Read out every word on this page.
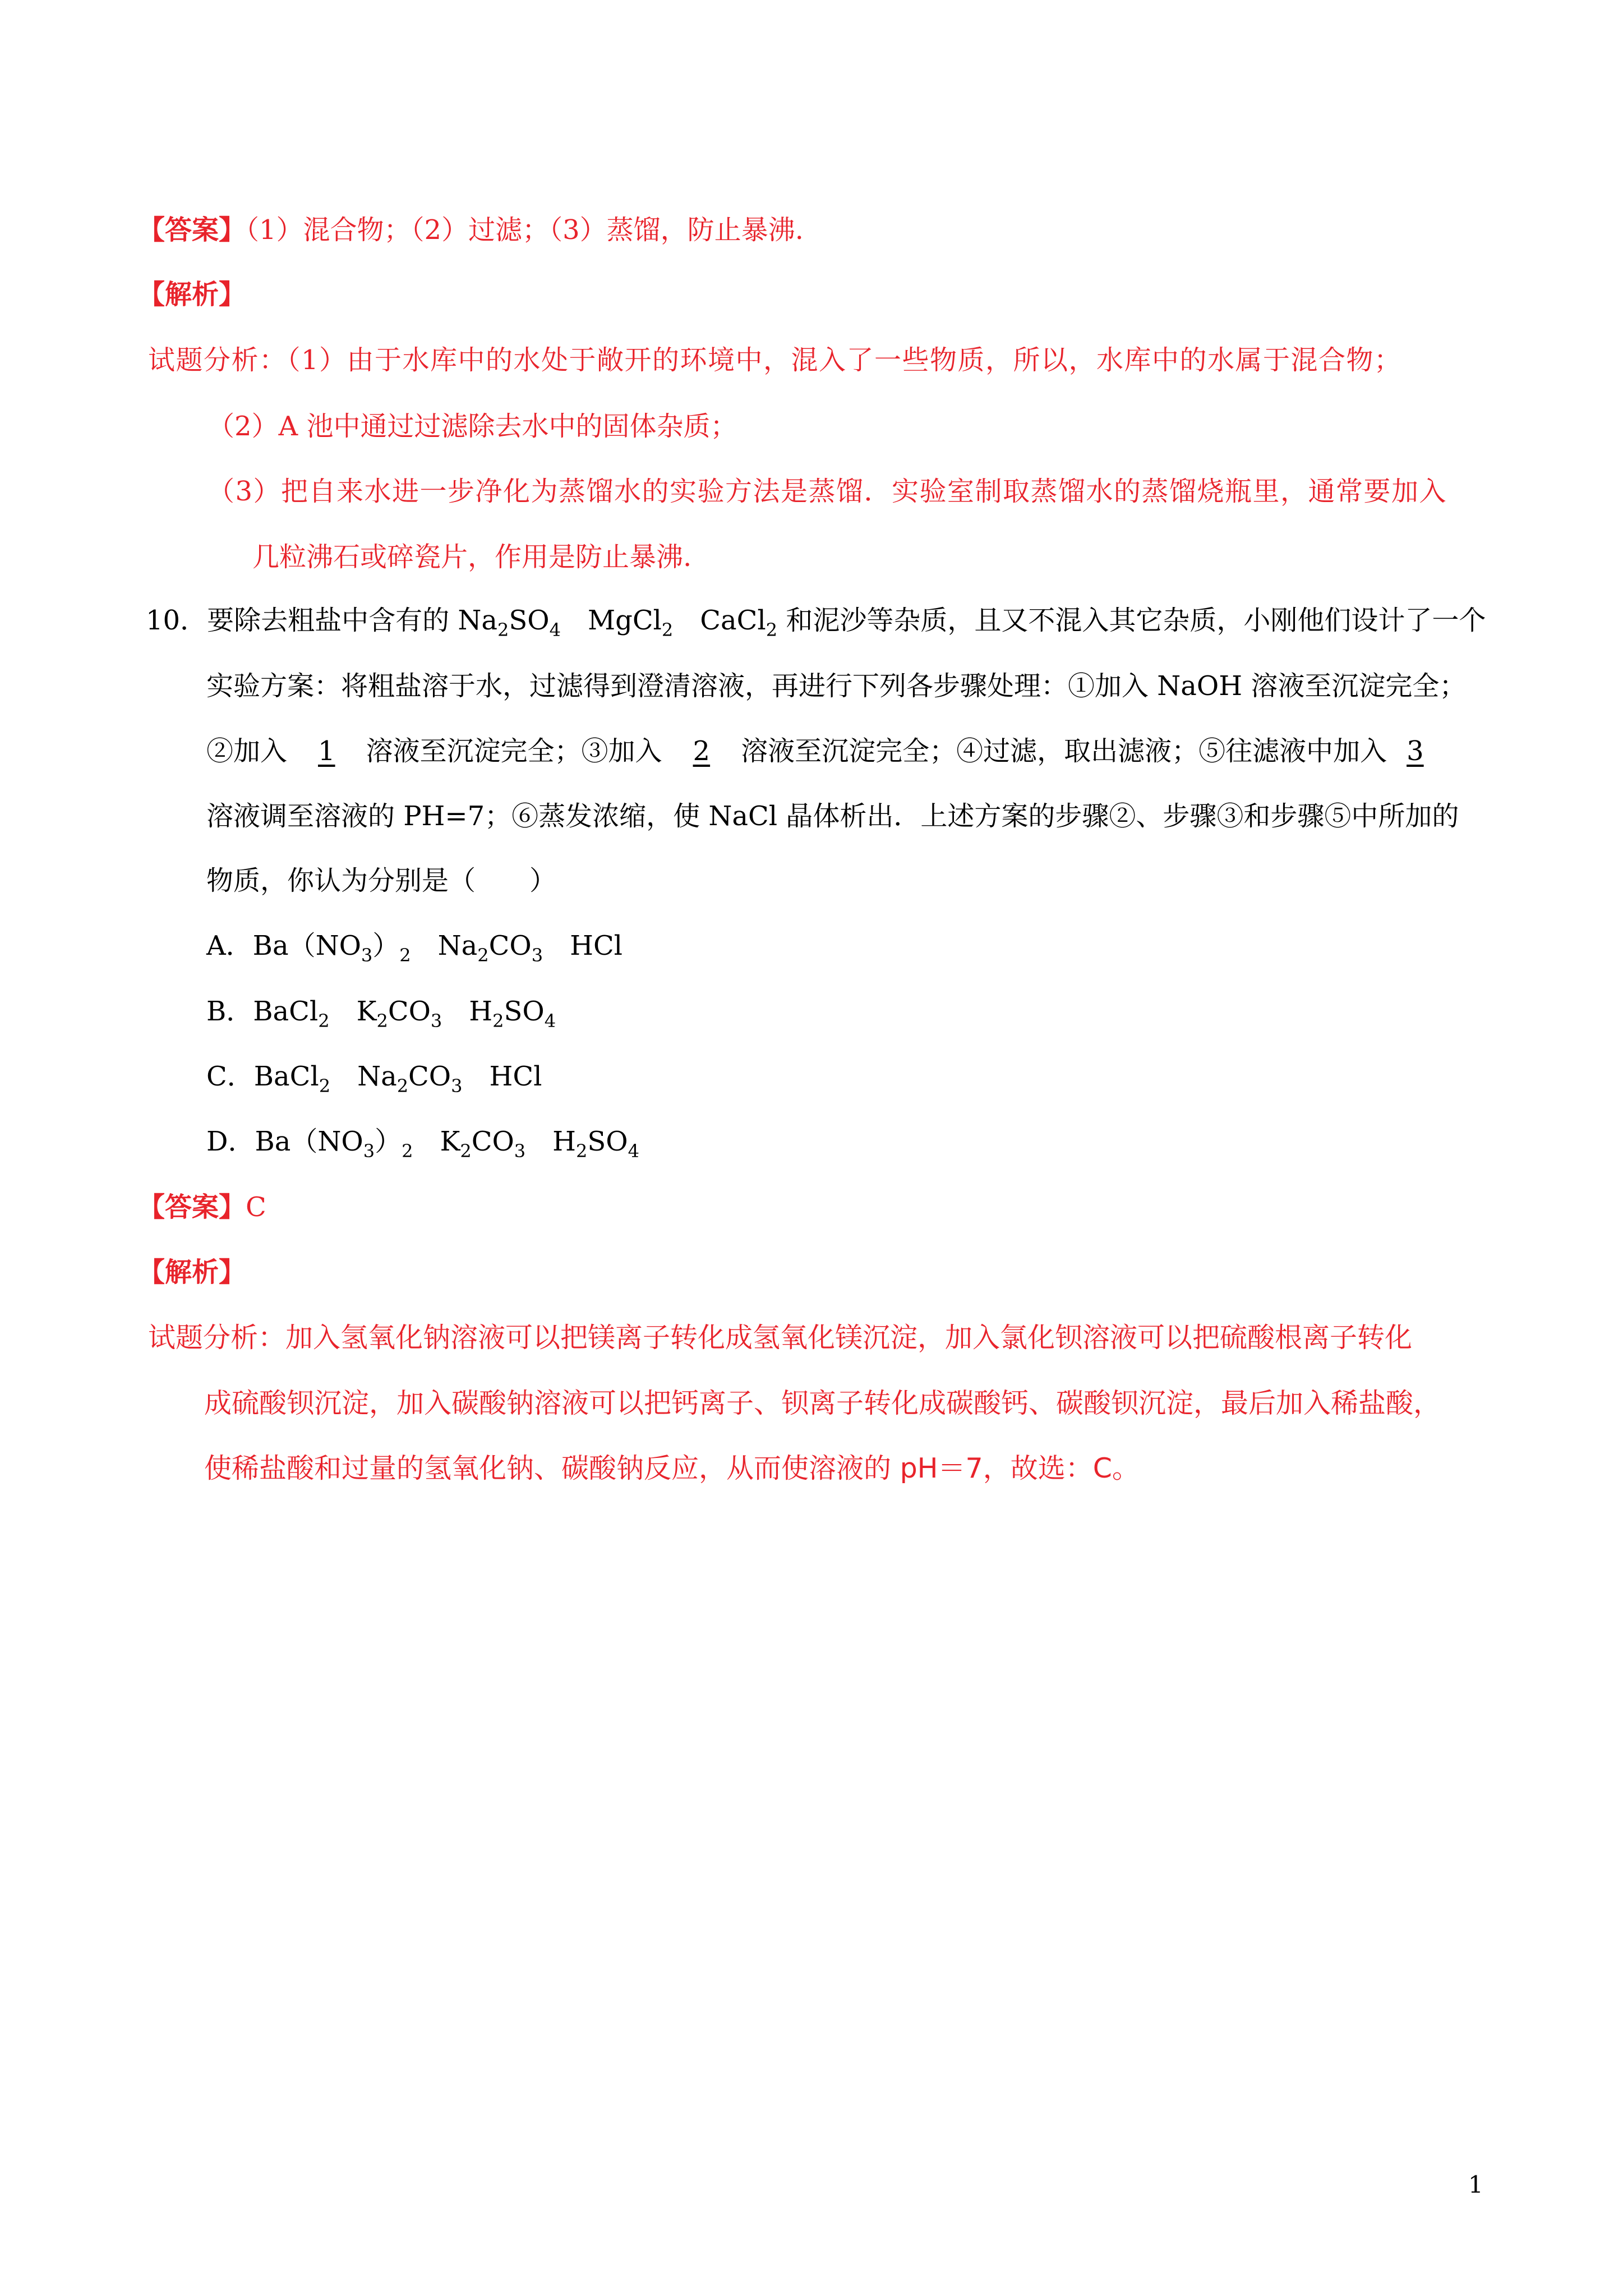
【答案】（1）混合物；（2）过滤；（3）蒸馏，防止暴沸.
【解析】
试题分析：（1）由于水库中的水处于敞开的环境中，混入了一些物质，所以，水库中的水属于混合物；
（2）A 池中通过过滤除去水中的固体杂质；
（3）把自来水进一步净化为蒸馏水的实验方法是蒸馏．实验室制取蒸馏水的蒸馏烧瓶里，通常要加入
几粒沸石或碎瓷片，作用是防止暴沸.
10．要除去粗盐中含有的 $Na_2SO_4$　MgCl$_2$　CaCl$_2$ 和泥沙等杂质，且又不混入其它杂质，小刚他们设计了一个
实验方案：将粗盐溶于水，过滤得到澄清溶液，再进行下列各步骤处理：①加入 NaOH 溶液至沉淀完全；
②加入 1 溶液至沉淀完全；③加入 2 溶液至沉淀完全；④过滤，取出滤液；⑤往滤液中加入 3
溶液调至溶液的 PH=7；⑥蒸发浓缩，使 NaCl 晶体析出．上述方案的步骤②、步骤③和步骤⑤中所加的
物质，你认为分别是（　　）
A．$Ba(NO_3)_2$　$Na_2CO_3$　HCl
B．BaCl$_2$　$K_2CO_3$　$H_2SO_4$
C．BaCl$_2$　$Na_2CO_3$　HCl
D．$Ba(NO_3)_2$　$K_2CO_3$　$H_2SO_4$
【答案】C
【解析】
试题分析：加入氢氧化钠溶液可以把镁离子转化成氢氧化镁沉淀，加入氯化钡溶液可以把硫酸根离子转化
成硫酸钡沉淀，加入碳酸钠溶液可以把钙离子、钡离子转化成碳酸钙、碳酸钡沉淀，最后加入稀盐酸，
使稀盐酸和过量的氢氧化钠、碳酸钠反应，从而使溶液的 pH＝7，故选：C。
1
